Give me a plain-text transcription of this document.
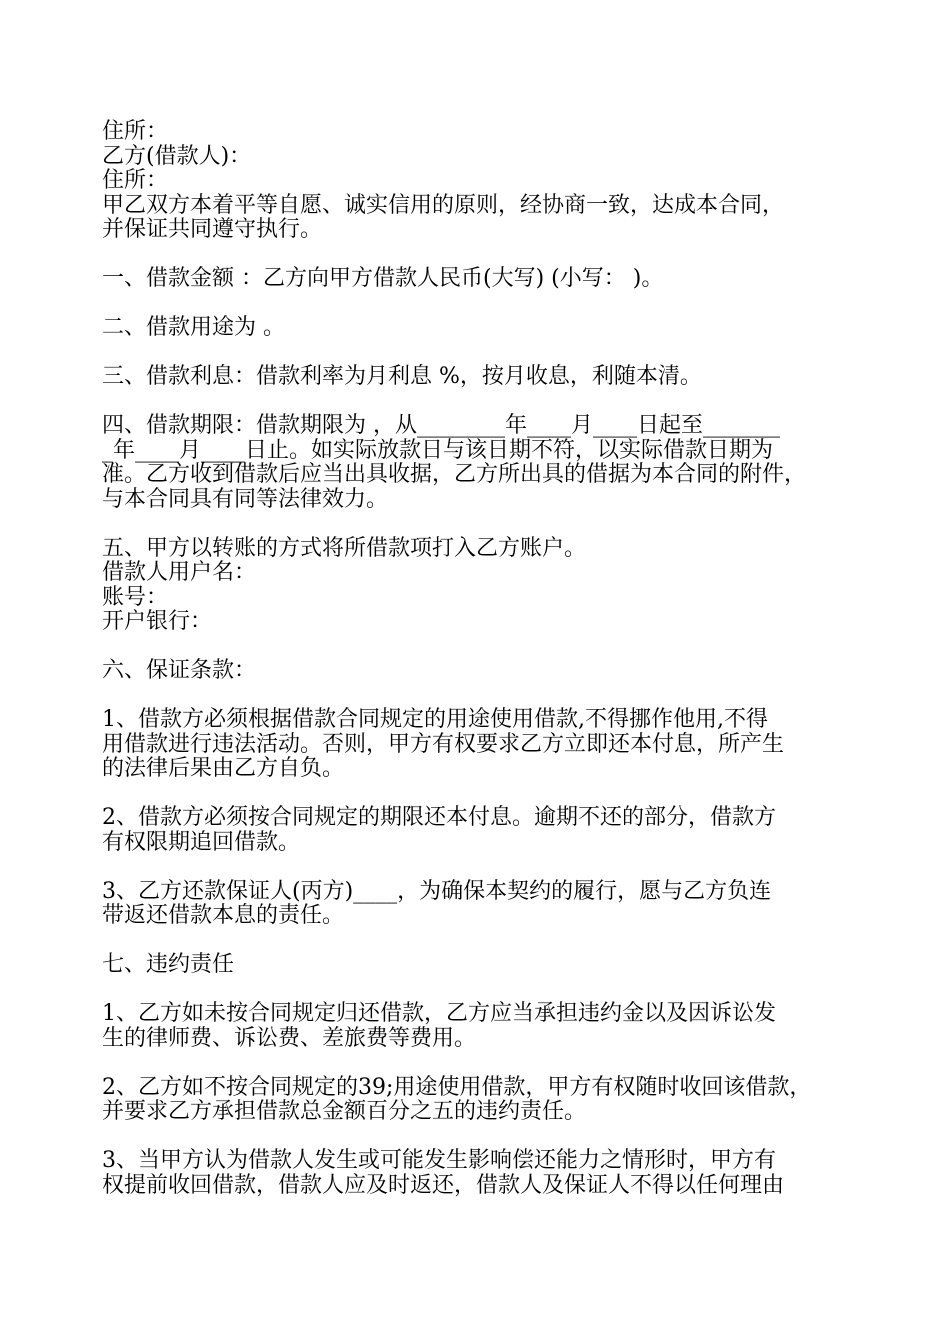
住所：
乙方(借款人)：
住所：
甲乙双方本着平等自愿、诚实信用的原则，经协商一致，达成本合同，
并保证共同遵守执行。
一、借款金额 ：乙方向甲方借款人民币(大写) (小写： )。
二、借款用途为 。
三、借款利息：借款利率为月利息 %，按月收息，利随本清。
四、借款期限：借款期限为 ，从________年____月____日起至_______
_年____月____日止。如实际放款日与该日期不符，以实际借款日期为
准。乙方收到借款后应当出具收据，乙方所出具的借据为本合同的附件，
与本合同具有同等法律效力。
五、甲方以转账的方式将所借款项打入乙方账户。
借款人用户名：
账号：
开户银行：
六、保证条款：
1、借款方必须根据借款合同规定的用途使用借款,不得挪作他用,不得
用借款进行违法活动。否则，甲方有权要求乙方立即还本付息，所产生
的法律后果由乙方自负。
2、借款方必须按合同规定的期限还本付息。逾期不还的部分，借款方
有权限期追回借款。
3、乙方还款保证人(丙方)____，为确保本契约的履行，愿与乙方负连
带返还借款本息的责任。
七、违约责任
1、乙方如未按合同规定归还借款，乙方应当承担违约金以及因诉讼发
生的律师费、诉讼费、差旅费等费用。
2、乙方如不按合同规定的39;用途使用借款，甲方有权随时收回该借款，
并要求乙方承担借款总金额百分之五的违约责任。
3、当甲方认为借款人发生或可能发生影响偿还能力之情形时，甲方有
权提前收回借款，借款人应及时返还，借款人及保证人不得以任何理由
